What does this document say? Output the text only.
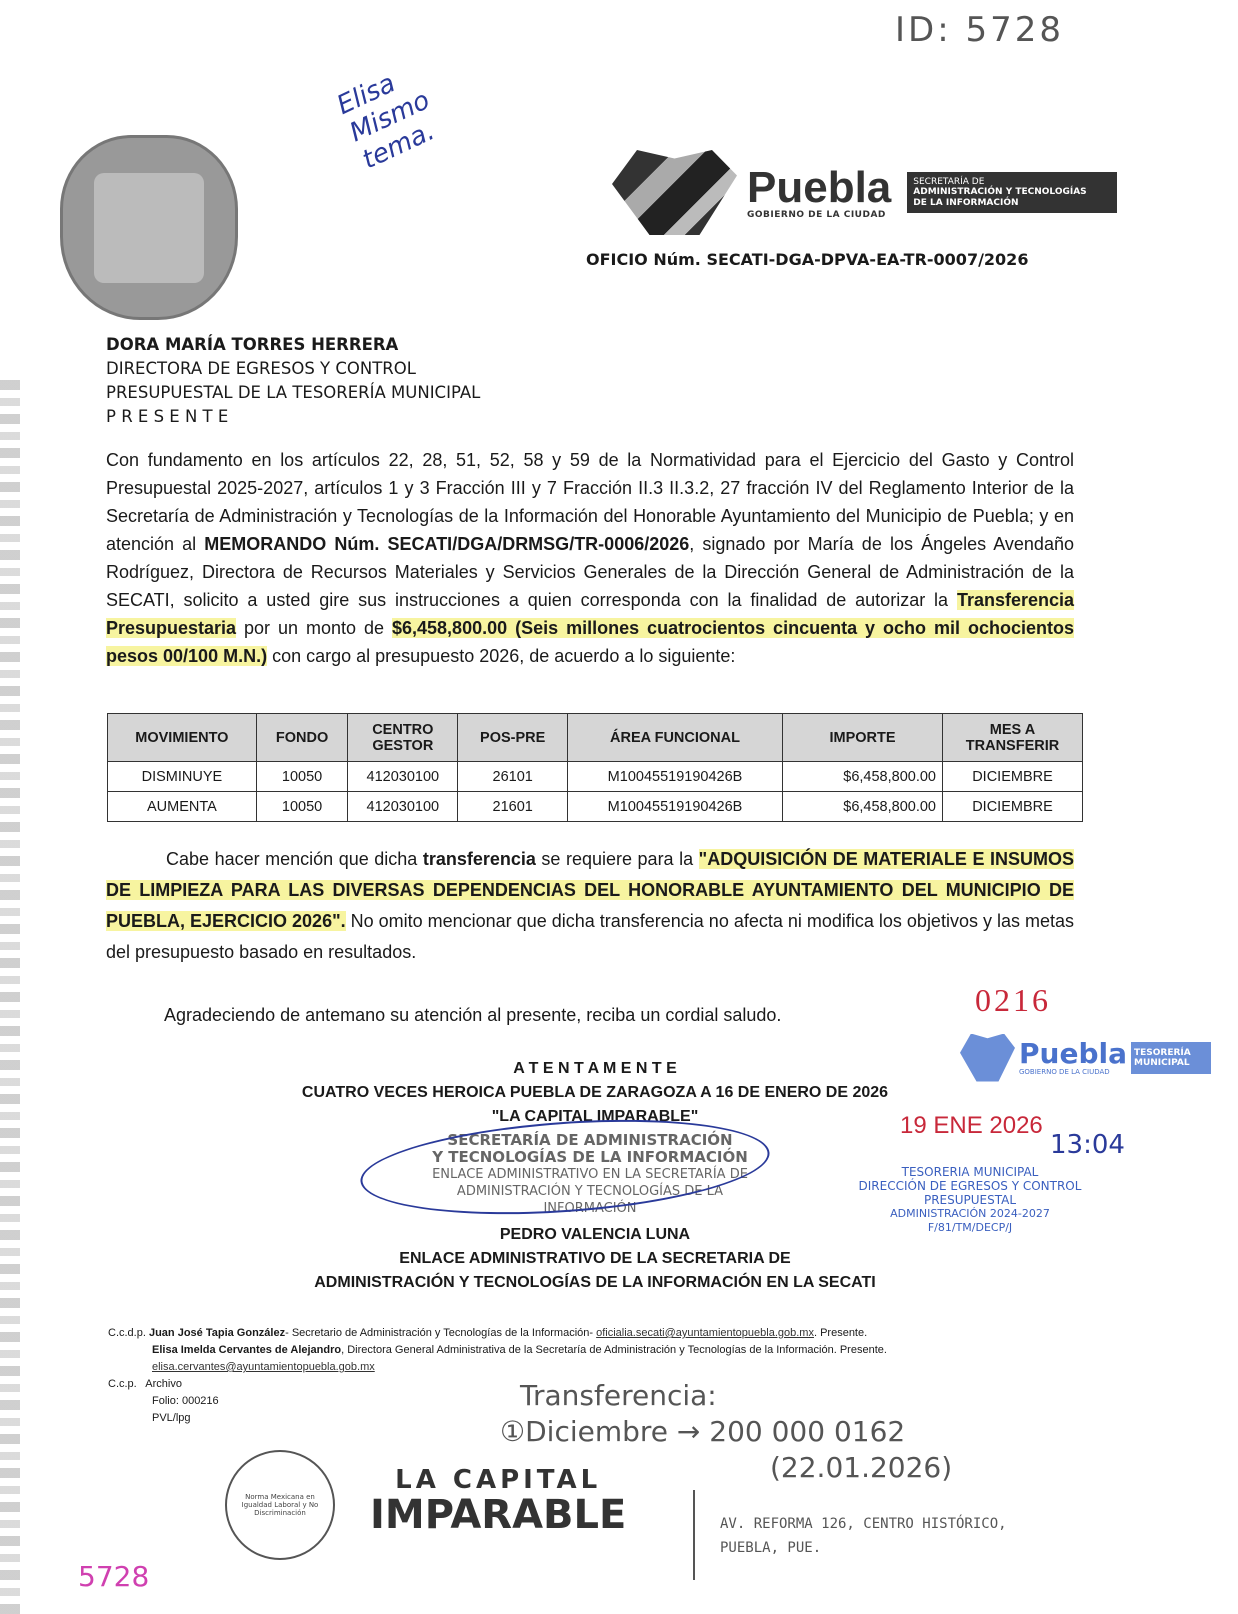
ID: 5728
Elisa Mismo tema.
Puebla
GOBIERNO DE LA CIUDAD
SECRETARÍA DE
ADMINISTRACIÓN Y TECNOLOGÍAS
DE LA INFORMACIÓN
OFICIO Núm. SECATI-DGA-DPVA-EA-TR-0007/2026
DORA MARÍA TORRES HERRERA
DIRECTORA DE EGRESOS Y CONTROL
PRESUPUESTAL DE LA TESORERÍA MUNICIPAL
P R E S E N T E
Con fundamento en los artículos 22, 28, 51, 52, 58 y 59 de la Normatividad para el Ejercicio del Gasto y Control Presupuestal 2025-2027, artículos 1 y 3 Fracción III y 7 Fracción II.3 II.3.2, 27 fracción IV del Reglamento Interior de la Secretaría de Administración y Tecnologías de la Información del Honorable Ayuntamiento del Municipio de Puebla; y en atención al MEMORANDO Núm. SECATI/DGA/DRMSG/TR-0006/2026, signado por María de los Ángeles Avendaño Rodríguez, Directora de Recursos Materiales y Servicios Generales de la Dirección General de Administración de la SECATI, solicito a usted gire sus instrucciones a quien corresponda con la finalidad de autorizar la Transferencia Presupuestaria por un monto de $6,458,800.00 (Seis millones cuatrocientos cincuenta y ocho mil ochocientos pesos 00/100 M.N.) con cargo al presupuesto 2026, de acuerdo a lo siguiente:
MOVIMIENTO	FONDO	CENTRO GESTOR	POS-PRE	ÁREA FUNCIONAL	IMPORTE	MES A TRANSFERIR
DISMINUYE	10050	412030100	26101	M10045519190426B	$6,458,800.00	DICIEMBRE
AUMENTA	10050	412030100	21601	M10045519190426B	$6,458,800.00	DICIEMBRE
Cabe hacer mención que dicha transferencia se requiere para la "ADQUISICIÓN DE MATERIALE E INSUMOS DE LIMPIEZA PARA LAS DIVERSAS DEPENDENCIAS DEL HONORABLE AYUNTAMIENTO DEL MUNICIPIO DE PUEBLA, EJERCICIO 2026". No omito mencionar que dicha transferencia no afecta ni modifica los objetivos y las metas del presupuesto basado en resultados.
Agradeciendo de antemano su atención al presente, reciba un cordial saludo.	0216
A T E N T A M E N T E
CUATRO VECES HEROICA PUEBLA DE ZARAGOZA A 16 DE ENERO DE 2026
"LA CAPITAL IMPARABLE"
SECRETARÍA DE ADMINISTRACIÓN
Y TECNOLOGÍAS DE LA INFORMACIÓN
ENLACE ADMINISTRATIVO EN LA SECRETARÍA DE
ADMINISTRACIÓN Y TECNOLOGÍAS DE LA INFORMACIÓN
PEDRO VALENCIA LUNA
ENLACE ADMINISTRATIVO DE LA SECRETARIA DE
ADMINISTRACIÓN Y TECNOLOGÍAS DE LA INFORMACIÓN EN LA SECATI
Puebla
GOBIERNO DE LA CIUDAD
TESORERÍA MUNICIPAL
19 ENE 2026
13:04
TESORERIA MUNICIPAL
DIRECCIÓN DE EGRESOS Y CONTROL
PRESUPUESTAL
ADMINISTRACIÓN 2024-2027
F/81/TM/DECP/J
C.c.d.p. Juan José Tapia González- Secretario de Administración y Tecnologías de la Información- oficialia.secati@ayuntamientopuebla.gob.mx. Presente.
Elisa Imelda Cervantes de Alejandro, Directora General Administrativa de la Secretaría de Administración y Tecnologías de la Información. Presente.
elisa.cervantes@ayuntamientopuebla.gob.mx
C.c.p. Archivo
Folio: 000216
PVL/lpg
Transferencia:
①Diciembre → 200 000 0162
(22.01.2026)
Norma Mexicana en Igualdad Laboral y No Discriminación
LA CAPITAL
IMPARABLE	AV. REFORMA 126, CENTRO HISTÓRICO,
PUEBLA, PUE.
5728
